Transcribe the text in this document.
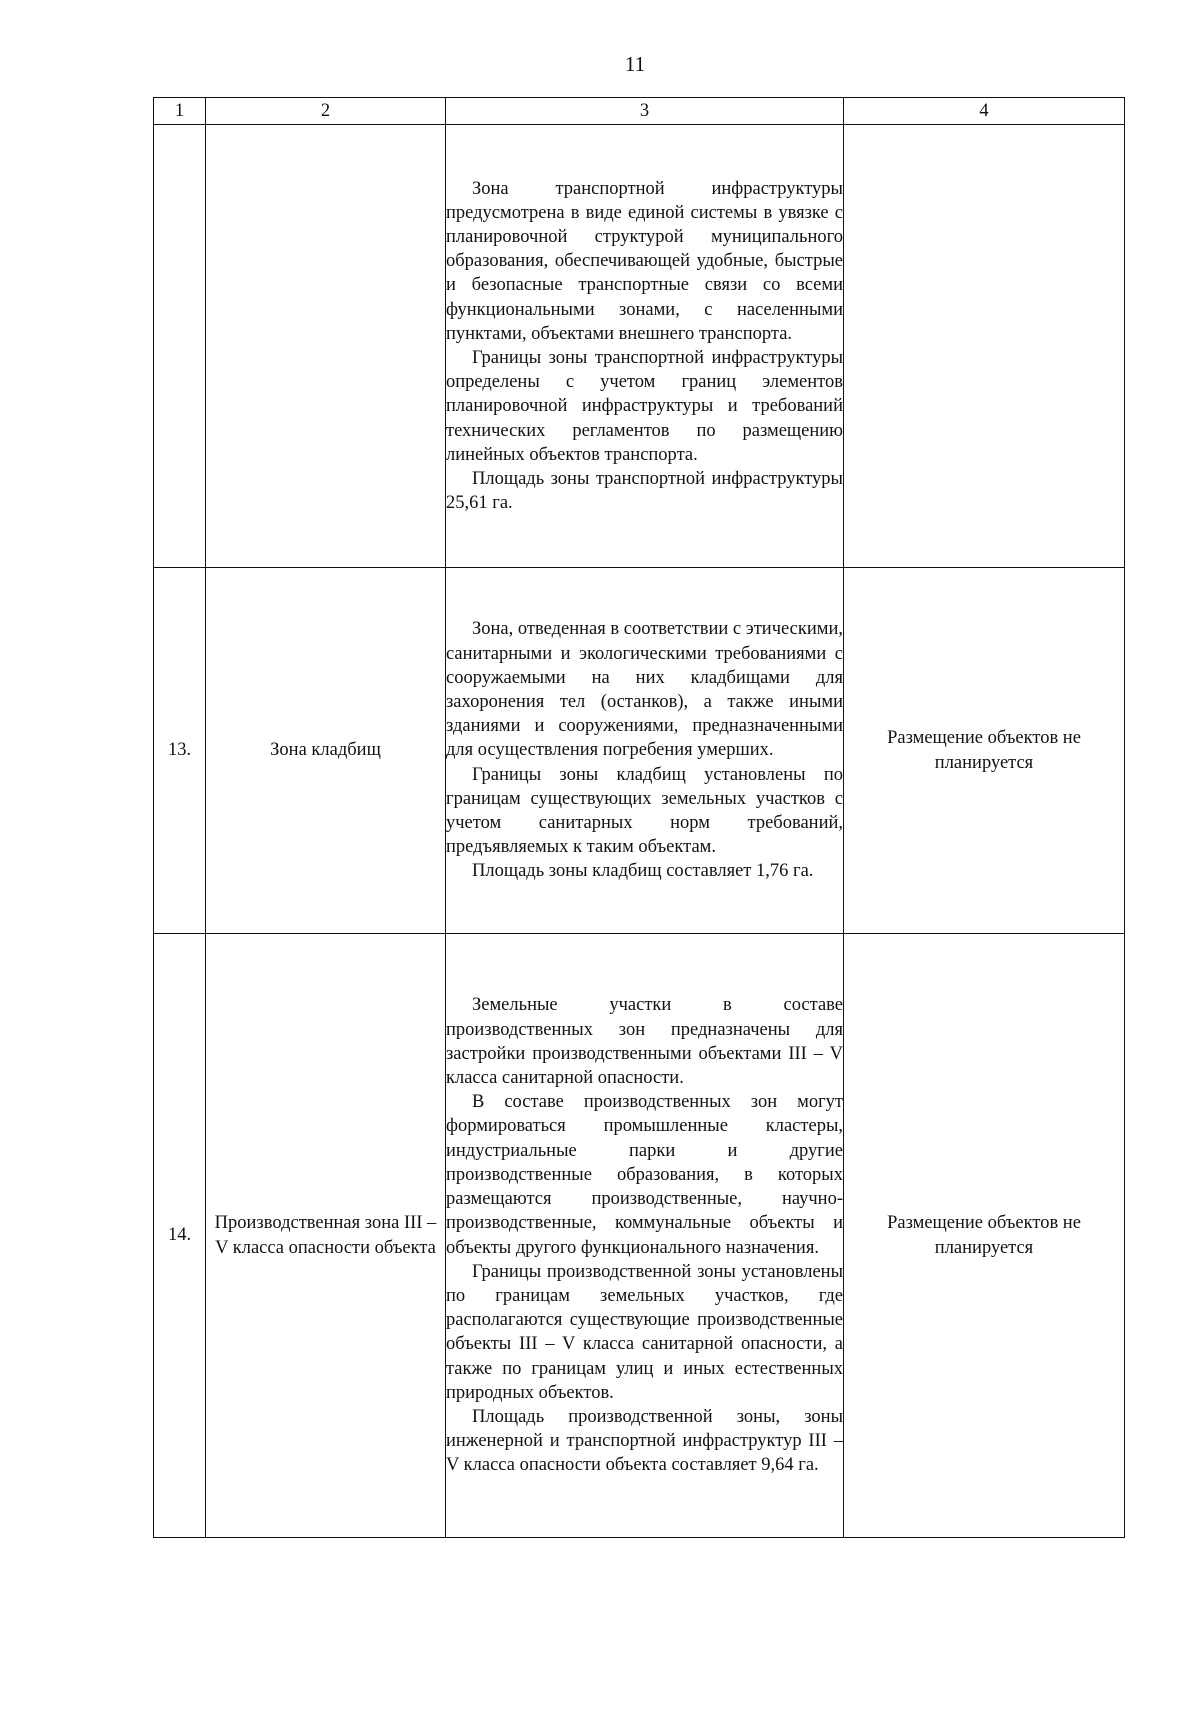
11
1	2	3	4

		Зона транспортной инфраструктуры предусмотрена в виде единой системы в увязке с планировочной структурой муниципального образования, обеспечивающей удобные, быстрые и безопасные транспортные связи со всеми функциональными зонами, с населенными пунктами, объектами внешнего транспорта.

Границы зоны транспортной инфраструктуры определены с учетом границ элементов планировочной инфраструктуры и требований технических регламентов по размещению линейных объектов транспорта.

Площадь зоны транспортной инфраструктуры 25,61 га.	

13.	Зона кладбищ	Зона, отведенная в соответствии с этическими, санитарными и экологическими требованиями с сооружаемыми на них кладбищами для захоронения тел (останков), а также иными зданиями и сооружениями, предназначенными для осуществления погребения умерших.

Границы зоны кладбищ установлены по границам существующих земельных участков с учетом санитарных норм требований, предъявляемых к таким объектам.

Площадь зоны кладбищ составляет 1,76 га.	Размещение объектов не планируется
14.	Производственная зона III – V класса опасности объекта	Земельные участки в составе производственных зон предназначены для застройки производственными объектами III – V класса санитарной опасности.

В составе производственных зон могут формироваться промышленные кластеры, индустриальные парки и другие производственные образования, в которых размещаются производственные, научно-производственные, коммунальные объекты и объекты другого функционального назначения.

Границы производственной зоны установлены по границам земельных участков, где располагаются существующие производственные объекты III – V класса санитарной опасности, а также по границам улиц и иных естественных природных объектов.

Площадь производственной зоны, зоны инженерной и транспортной инфраструктур III – V класса опасности объекта составляет 9,64 га.	Размещение объектов не планируется
